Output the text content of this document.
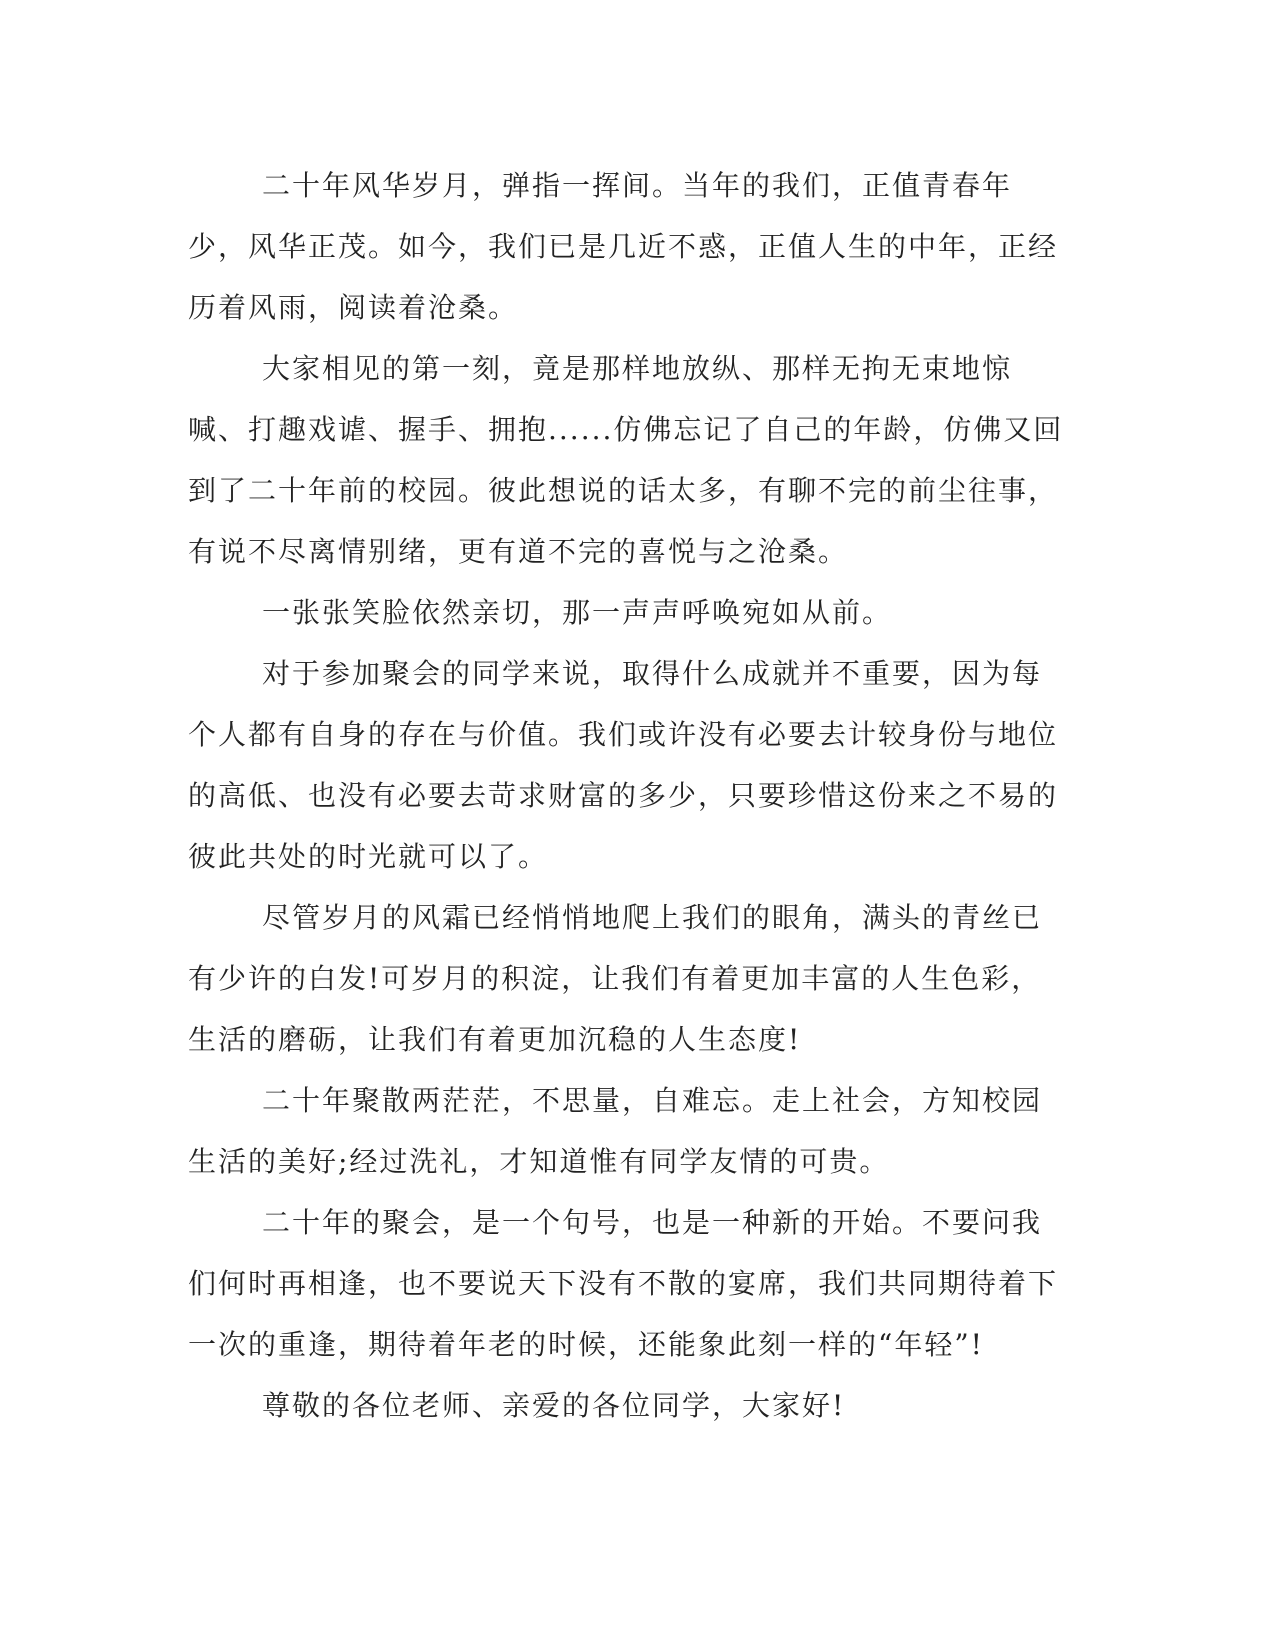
二十年风华岁月，弹指一挥间。当年的我们，正值青春年少，风华正茂。如今，我们已是几近不惑，正值人生的中年，正经历着风雨，阅读着沧桑。

大家相见的第一刻，竟是那样地放纵、那样无拘无束地惊喊、打趣戏谑、握手、拥抱......仿佛忘记了自己的年龄，仿佛又回到了二十年前的校园。彼此想说的话太多，有聊不完的前尘往事，有说不尽离情别绪，更有道不完的喜悦与之沧桑。

一张张笑脸依然亲切，那一声声呼唤宛如从前。

对于参加聚会的同学来说，取得什么成就并不重要，因为每个人都有自身的存在与价值。我们或许没有必要去计较身份与地位的高低、也没有必要去苛求财富的多少，只要珍惜这份来之不易的彼此共处的时光就可以了。

尽管岁月的风霜已经悄悄地爬上我们的眼角，满头的青丝已有少许的白发!可岁月的积淀，让我们有着更加丰富的人生色彩，生活的磨砺，让我们有着更加沉稳的人生态度!

二十年聚散两茫茫，不思量，自难忘。走上社会，方知校园生活的美好;经过洗礼，才知道惟有同学友情的可贵。

二十年的聚会，是一个句号，也是一种新的开始。不要问我们何时再相逢，也不要说天下没有不散的宴席，我们共同期待着下一次的重逢，期待着年老的时候，还能象此刻一样的“年轻”!

尊敬的各位老师、亲爱的各位同学，大家好!
